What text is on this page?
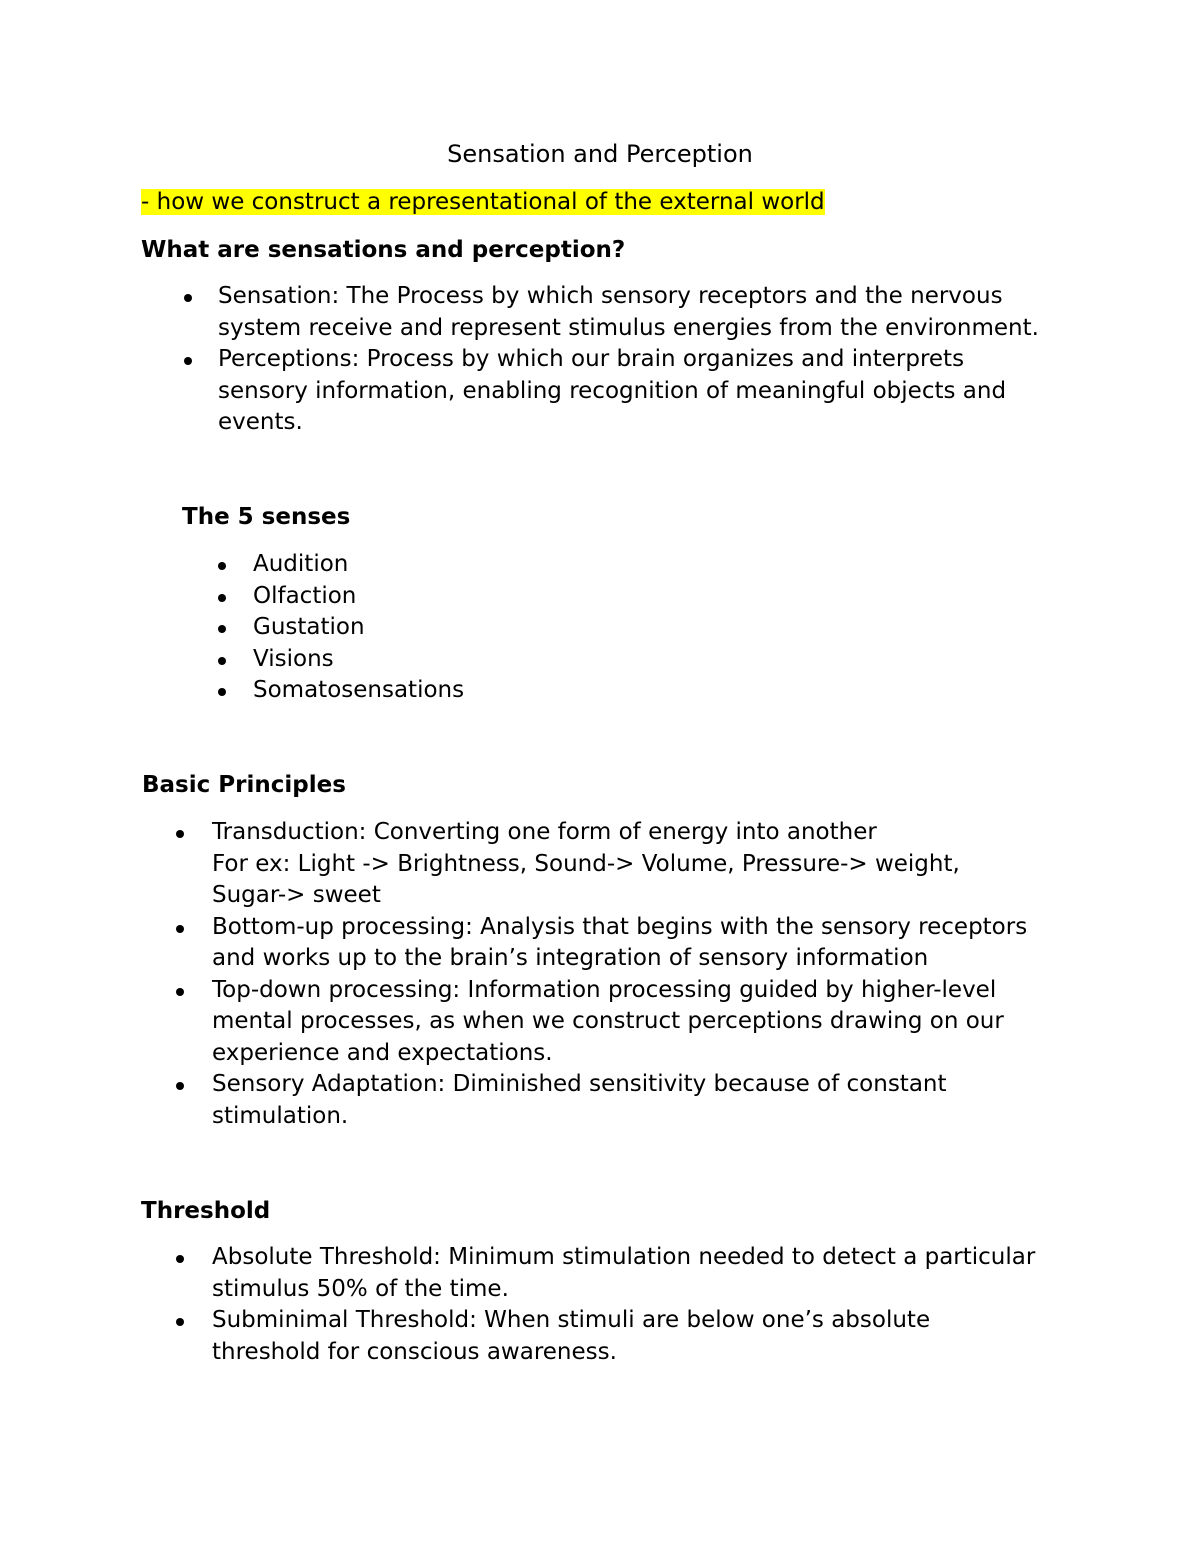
Sensation and Perception
- how we construct a representational of the external world
What are sensations and perception?
Sensation: The Process by which sensory receptors and the nervous
system receive and represent stimulus energies from the environment.
Perceptions: Process by which our brain organizes and interprets
sensory information, enabling recognition of meaningful objects and
events.
The 5 senses
Audition
Olfaction
Gustation
Visions
Somatosensations
Basic Principles
Transduction: Converting one form of energy into another
For ex: Light -> Brightness, Sound-> Volume, Pressure-> weight,
Sugar-> sweet
Bottom-up processing: Analysis that begins with the sensory receptors
and works up to the brain’s integration of sensory information
Top-down processing: Information processing guided by higher-level
mental processes, as when we construct perceptions drawing on our
experience and expectations.
Sensory Adaptation: Diminished sensitivity because of constant
stimulation.
Threshold
Absolute Threshold: Minimum stimulation needed to detect a particular
stimulus 50% of the time.
Subminimal Threshold: When stimuli are below one’s absolute
threshold for conscious awareness.
